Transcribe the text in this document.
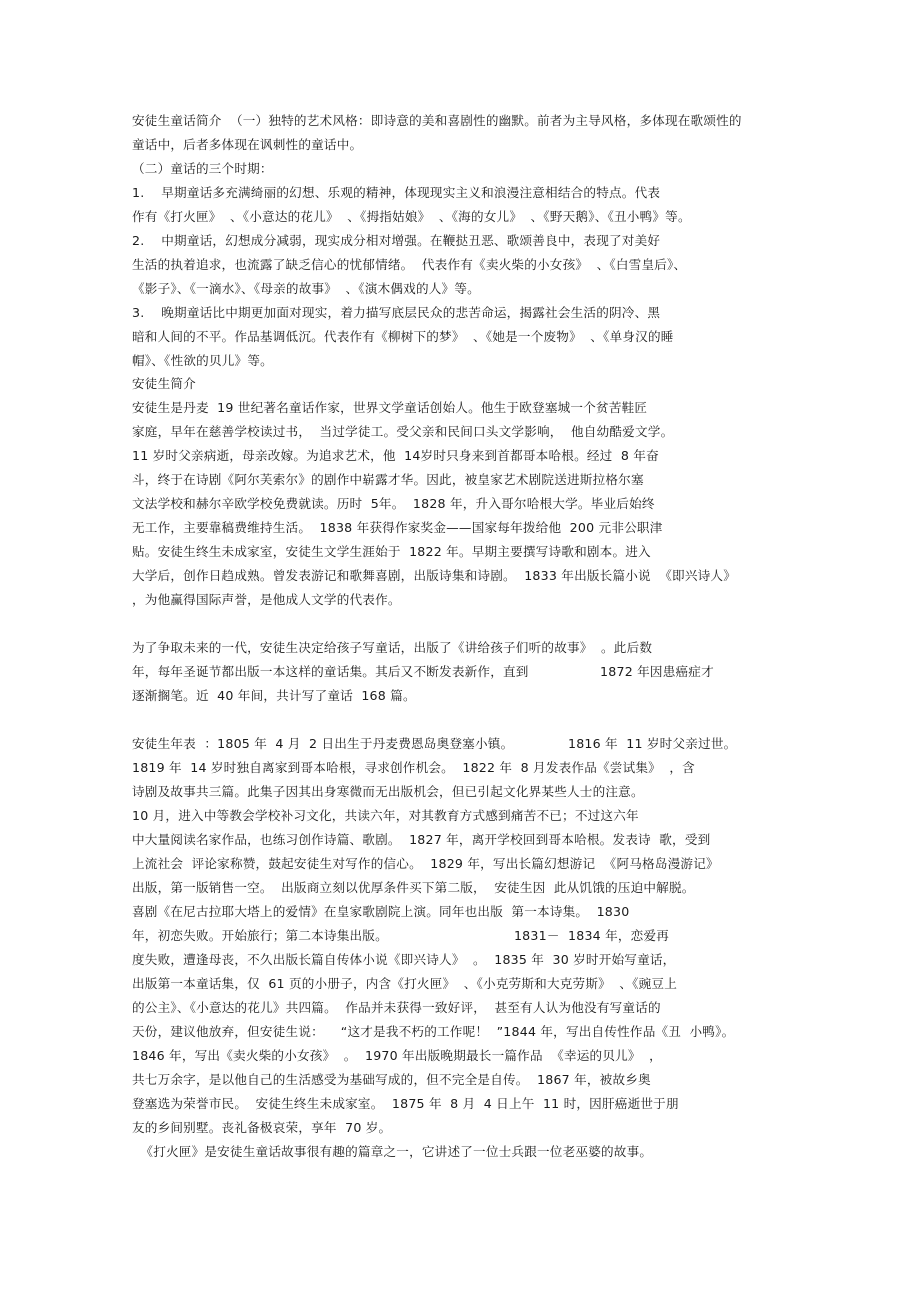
安徒生童话简介  （一）独特的艺术风格：即诗意的美和喜剧性的幽默。前者为主导风格，多体现在歌颂性的
童话中，后者多体现在讽刺性的童话中。
（二）童话的三个时期：
1.    早期童话多充满绮丽的幻想、乐观的精神，体现现实主义和浪漫注意相结合的特点。代表
作有《打火匣》  、《小意达的花儿》  、《拇指姑娘》  、《海的女儿》  、《野天鹅》、《丑小鸭》等。
2.    中期童话，幻想成分减弱，现实成分相对增强。在鞭挞丑恶、歌颂善良中，表现了对美好
生活的执着追求，也流露了缺乏信心的忧郁情绪。  代表作有《卖火柴的小女孩》  、《白雪皇后》、
《影子》、《一滴水》、《母亲的故事》  、《演木偶戏的人》等。
3.    晚期童话比中期更加面对现实，着力描写底层民众的悲苦命运，揭露社会生活的阴冷、黑
暗和人间的不平。作品基调低沉。代表作有《柳树下的梦》  、《她是一个废物》  、《单身汉的睡
帽》、《性欲的贝儿》等。
安徒生简介
安徒生是丹麦  19 世纪著名童话作家，世界文学童话创始人。他生于欧登塞城一个贫苦鞋匠
家庭，早年在慈善学校读过书，  当过学徒工。受父亲和民间口头文学影响，  他自幼酷爱文学。
11 岁时父亲病逝，母亲改嫁。为追求艺术，他  14岁时只身来到首都哥本哈根。经过  8 年奋
斗，终于在诗剧《阿尔芙索尔》的剧作中崭露才华。因此，被皇家艺术剧院送进斯拉格尔塞
文法学校和赫尔辛欧学校免费就读。历时  5年。  1828 年，升入哥尔哈根大学。毕业后始终
无工作，主要靠稿费维持生活。  1838 年获得作家奖金——国家每年拨给他  200 元非公职津
贴。安徒生终生未成家室，安徒生文学生涯始于  1822 年。早期主要撰写诗歌和剧本。进入
大学后，创作日趋成熟。曾发表游记和歌舞喜剧，出版诗集和诗剧。  1833 年出版长篇小说  《即兴诗人》
，为他赢得国际声誉，是他成人文学的代表作。
为了争取未来的一代，安徒生决定给孩子写童话，出版了《讲给孩子们听的故事》  。此后数
年，每年圣诞节都出版一本这样的童话集。其后又不断发表新作，直到                 1872 年因患癌症才
逐渐搁笔。近  40 年间，共计写了童话  168 篇。
安徒生年表  ：1805 年  4 月  2 日出生于丹麦费恩岛奥登塞小镇。             1816 年  11 岁时父亲过世。
1819 年  14 岁时独自离家到哥本哈根，寻求创作机会。  1822 年  8 月发表作品《尝试集》  ，含
诗剧及故事共三篇。此集子因其出身寒微而无出版机会，但已引起文化界某些人士的注意。
10 月，进入中等教会学校补习文化，共读六年，对其教育方式感到痛苦不已；不过这六年
中大量阅读名家作品，也练习创作诗篇、歌剧。  1827 年，离开学校回到哥本哈根。发表诗  歌，受到
上流社会  评论家称赞，鼓起安徒生对写作的信心。  1829 年，写出长篇幻想游记  《阿马格岛漫游记》
出版，第一版销售一空。  出版商立刻以优厚条件买下第二版，  安徒生因  此从饥饿的压迫中解脱。
喜剧《在尼古拉耶大塔上的爱情》在皇家歌剧院上演。同年也出版  第一本诗集。  1830
年，初恋失败。开始旅行；第二本诗集出版。                              1831－  1834 年，恋爱再
度失败，遭逢母丧，不久出版长篇自传体小说《即兴诗人》  。  1835 年  30 岁时开始写童话，
出版第一本童话集，仅  61 页的小册子，内含《打火匣》  、《小克劳斯和大克劳斯》  、《豌豆上
的公主》、《小意达的花儿》共四篇。  作品并未获得一致好评，  甚至有人认为他没有写童话的
天份，建议他放弃，但安徒生说：    “这才是我不朽的工作呢！  ”1844 年，写出自传性作品《丑  小鸭》。
1846 年，写出《卖火柴的小女孩》  。  1970 年出版晚期最长一篇作品  《幸运的贝儿》  ，
共七万余字，是以他自己的生活感受为基础写成的，但不完全是自传。  1867 年，被故乡奥
登塞选为荣誉市民。  安徒生终生未成家室。  1875 年  8 月  4 日上午  11 时，因肝癌逝世于朋
友的乡间别墅。丧礼备极哀荣，享年  70 岁。
《打火匣》是安徒生童话故事很有趣的篇章之一，它讲述了一位士兵跟一位老巫婆的故事。
